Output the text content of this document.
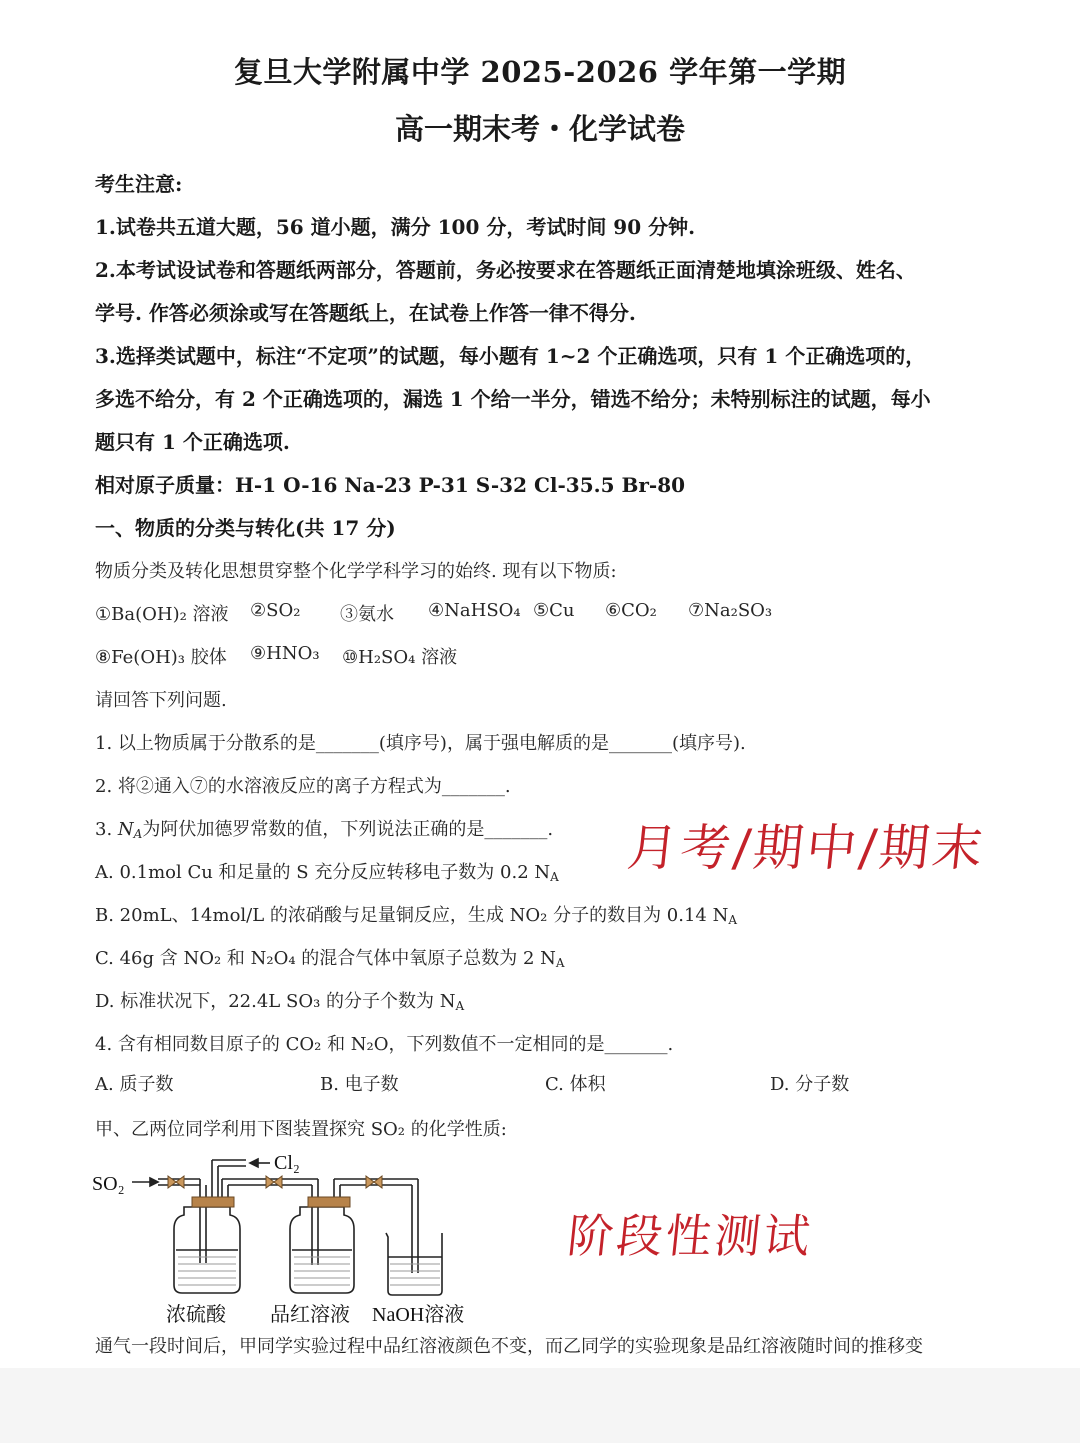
复旦大学附属中学 2025-2026 学年第一学期
高一期末考・化学试卷
考生注意:
1.试卷共五道大题，56 道小题，满分 100 分，考试时间 90 分钟.
2.本考试设试卷和答题纸两部分，答题前，务必按要求在答题纸正面清楚地填涂班级、姓名、
学号. 作答必须涂或写在答题纸上，在试卷上作答一律不得分.
3.选择类试题中，标注“不定项”的试题，每小题有 1~2 个正确选项，只有 1 个正确选项的，
多选不给分，有 2 个正确选项的，漏选 1 个给一半分，错选不给分；未特别标注的试题，每小
题只有 1 个正确选项.
相对原子质量：H-1 O-16 Na-23 P-31 S-32 Cl-35.5 Br-80
一、物质的分类与转化(共 17 分)
物质分类及转化思想贯穿整个化学学科学习的始终. 现有以下物质:
①Ba(OH)₂ 溶液 ②SO₂ ③氨水 ④NaHSO₄ ⑤Cu ⑥CO₂ ⑦Na₂SO₃
⑧Fe(OH)₃ 胶体 ⑨HNO₃ ⑩H₂SO₄ 溶液
请回答下列问题.
1. 以上物质属于分散系的是_______(填序号)，属于强电解质的是_______(填序号).
2. 将②通入⑦的水溶液反应的离子方程式为_______.
3. $N_A$为阿伏加德罗常数的值，下列说法正确的是_______.
A. 0.1mol Cu 和足量的 S 充分反应转移电子数为 0.2 $N_A$
B. 20mL、14mol/L 的浓硝酸与足量铜反应，生成 NO₂ 分子的数目为 0.14 $N_A$
C. 46g 含 NO₂ 和 N₂O₄ 的混合气体中氧原子总数为 2 $N_A$
D. 标准状况下，22.4L SO₃ 的分子个数为 $N_A$
4. 含有相同数目原子的 CO₂ 和 N₂O，下列数值不一定相同的是_______.
A. 质子数	B. 电子数	C. 体积	D. 分子数
甲、乙两位同学利用下图装置探究 SO₂ 的化学性质:
SO₂
Cl₂
浓硫酸 品红溶液 NaOH溶液
通气一段时间后，甲同学实验过程中品红溶液颜色不变，而乙同学的实验现象是品红溶液随时间的推移变
月考/期中/期末
阶段性测试
